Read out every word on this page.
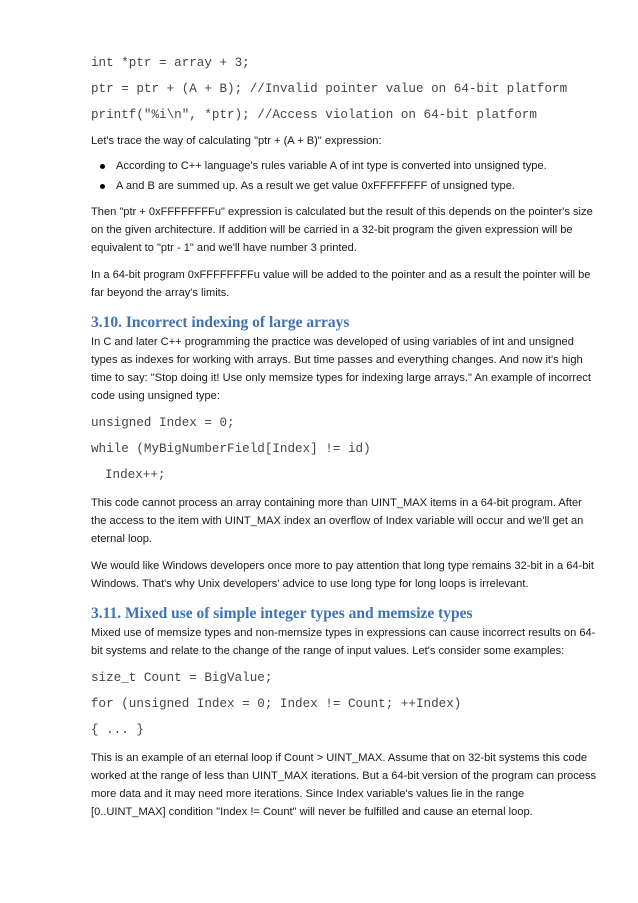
int *ptr = array + 3;
ptr = ptr + (A + B); //Invalid pointer value on 64-bit platform
printf("%i\n", *ptr); //Access violation on 64-bit platform

Let's trace the way of calculating "ptr + (A + B)" expression:

According to C++ language's rules variable A of int type is converted into unsigned type.
A and B are summed up. As a result we get value 0xFFFFFFFF of unsigned type.

Then "ptr + 0xFFFFFFFFu" expression is calculated but the result of this depends on the pointer's size on the given architecture. If addition will be carried in a 32-bit program the given expression will be equivalent to "ptr - 1" and we'll have number 3 printed.

In a 64-bit program 0xFFFFFFFFu value will be added to the pointer and as a result the pointer will be far beyond the array's limits.

3.10. Incorrect indexing of large arrays

In C and later C++ programming the practice was developed of using variables of int and unsigned types as indexes for working with arrays. But time passes and everything changes. And now it's high time to say: "Stop doing it! Use only memsize types for indexing large arrays." An example of incorrect code using unsigned type:

unsigned Index = 0;
while (MyBigNumberField[Index] != id)
Index++;

This code cannot process an array containing more than UINT_MAX items in a 64-bit program. After the access to the item with UINT_MAX index an overflow of Index variable will occur and we'll get an eternal loop.

We would like Windows developers once more to pay attention that long type remains 32-bit in a 64-bit Windows. That's why Unix developers' advice to use long type for long loops is irrelevant.

3.11. Mixed use of simple integer types and memsize types

Mixed use of memsize types and non-memsize types in expressions can cause incorrect results on 64-bit systems and relate to the change of the range of input values. Let's consider some examples:

size_t Count = BigValue;
for (unsigned Index = 0; Index != Count; ++Index)
{ ... }

This is an example of an eternal loop if Count > UINT_MAX. Assume that on 32-bit systems this code worked at the range of less than UINT_MAX iterations. But a 64-bit version of the program can process more data and it may need more iterations. Since Index variable's values lie in the range [0..UINT_MAX] condition "Index != Count" will never be fulfilled and cause an eternal loop.
